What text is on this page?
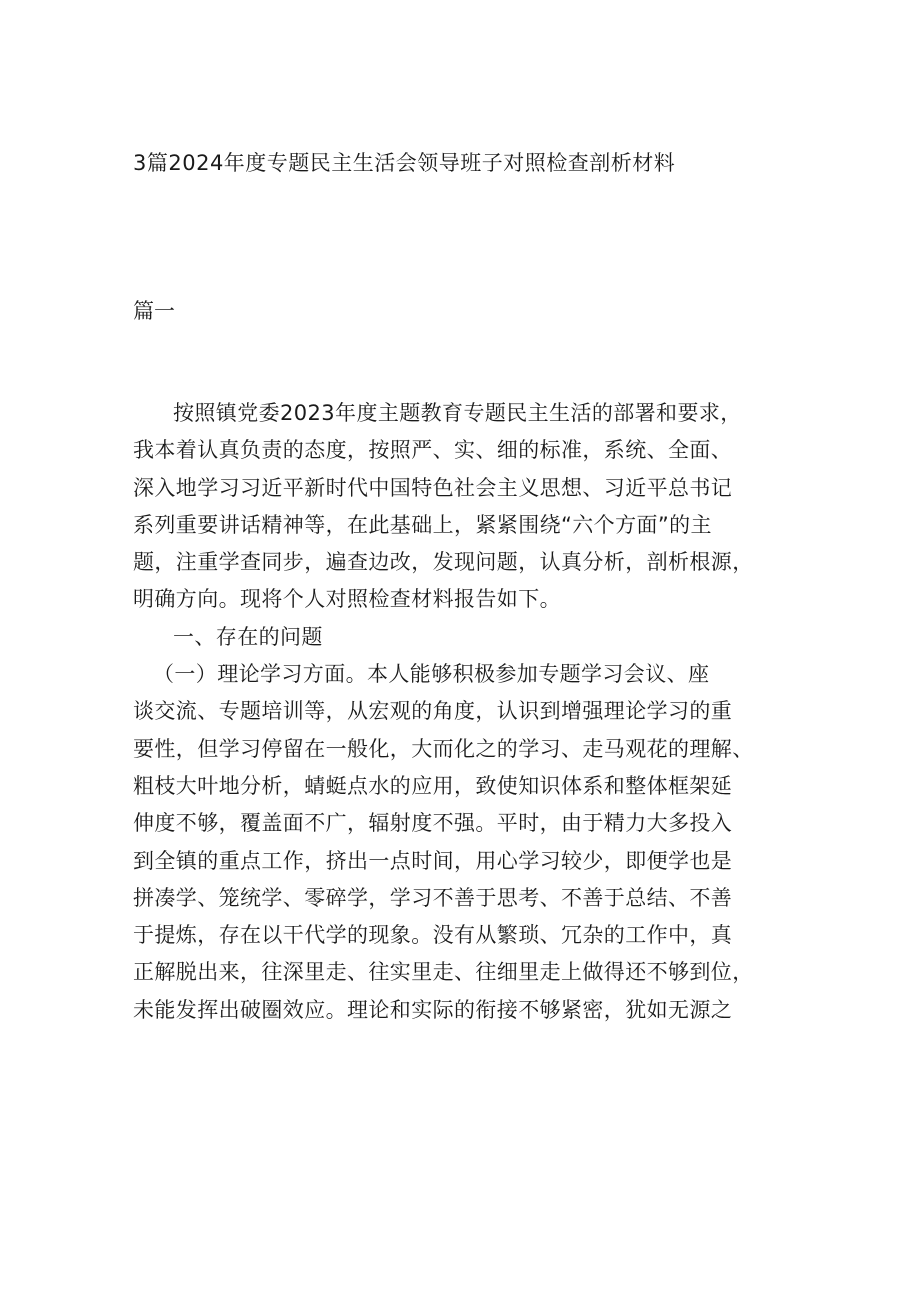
3篇2024年度专题民主生活会领导班子对照检查剖析材料
篇一
按照镇党委2023年度主题教育专题民主生活的部署和要求，
我本着认真负责的态度，按照严、实、细的标准，系统、全面、
深入地学习习近平新时代中国特色社会主义思想、习近平总书记
系列重要讲话精神等，在此基础上，紧紧围绕“六个方面”的主
题，注重学查同步，遍查边改，发现问题，认真分析，剖析根源，
明确方向。现将个人对照检查材料报告如下。
一、存在的问题
（一）理论学习方面。本人能够积极参加专题学习会议、座
谈交流、专题培训等，从宏观的角度，认识到增强理论学习的重
要性，但学习停留在一般化，大而化之的学习、走马观花的理解、
粗枝大叶地分析，蜻蜓点水的应用，致使知识体系和整体框架延
伸度不够，覆盖面不广，辐射度不强。平时，由于精力大多投入
到全镇的重点工作，挤出一点时间，用心学习较少，即便学也是
拼凑学、笼统学、零碎学，学习不善于思考、不善于总结、不善
于提炼，存在以干代学的现象。没有从繁琐、冗杂的工作中，真
正解脱出来，往深里走、往实里走、往细里走上做得还不够到位，
未能发挥出破圈效应。理论和实际的衔接不够紧密，犹如无源之
